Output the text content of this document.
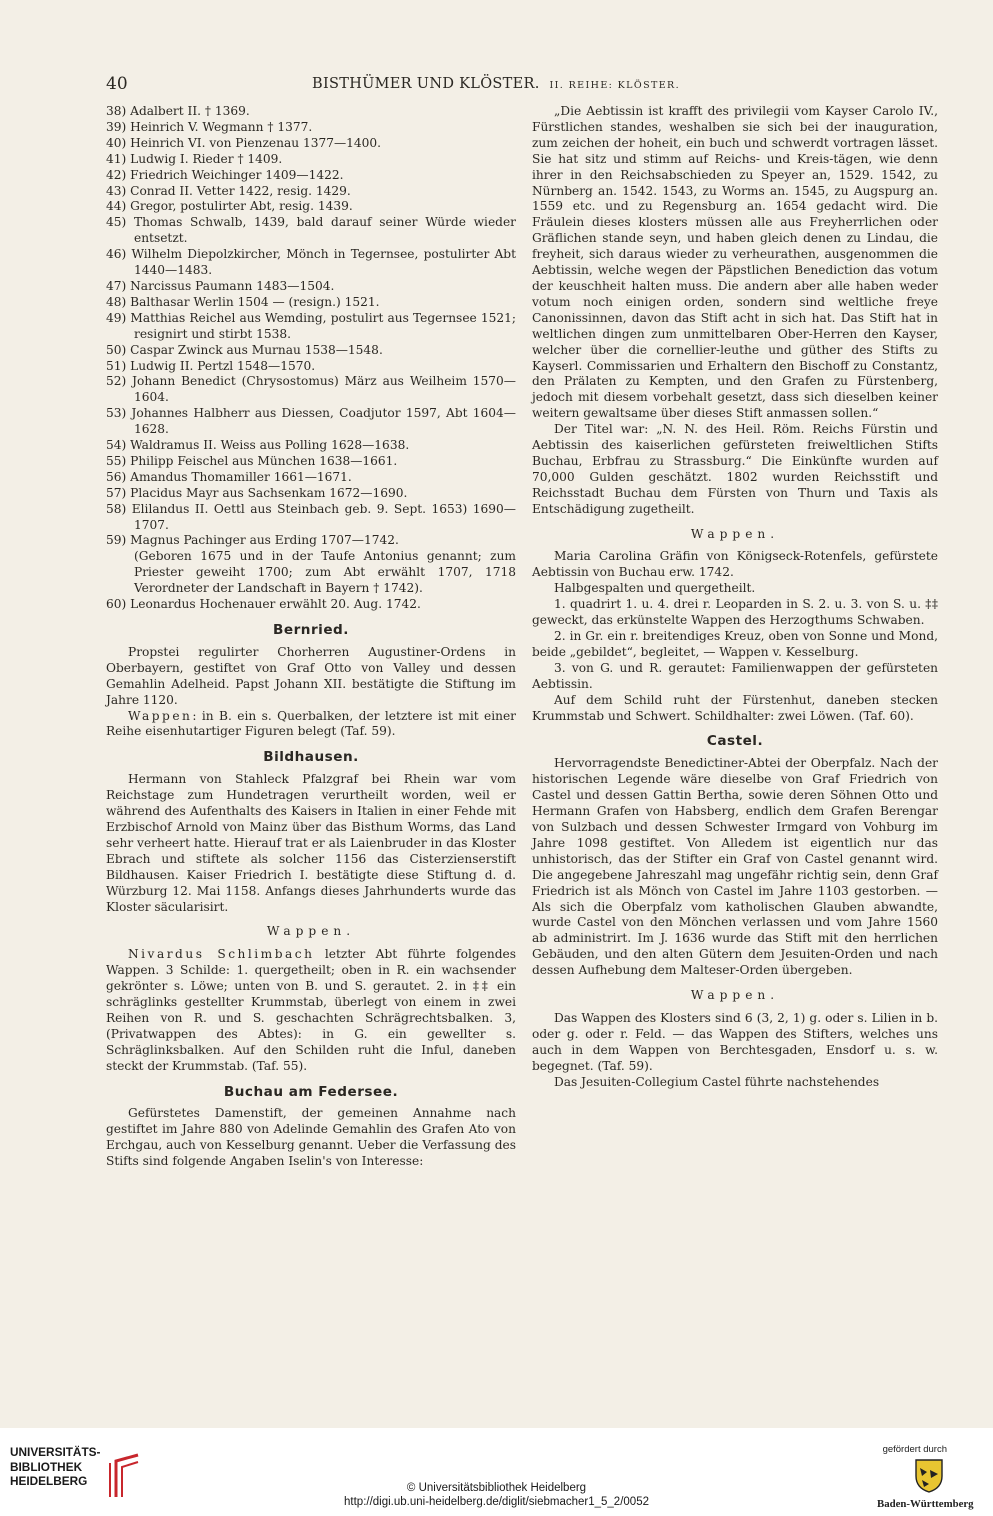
40	BISTHÜMER UND KLÖSTER. II. REIHE: KLÖSTER.

38) Adalbert II. † 1369.

39) Heinrich V. Wegmann † 1377.

40) Heinrich VI. von Pienzenau 1377—1400.

41) Ludwig I. Rieder † 1409.

42) Friedrich Weichinger 1409—1422.

43) Conrad II. Vetter 1422, resig. 1429.

44) Gregor, postulirter Abt, resig. 1439.

45) Thomas Schwalb, 1439, bald darauf seiner Würde wieder entsetzt.

46) Wilhelm Diepolzkircher, Mönch in Tegernsee, postulirter Abt 1440—1483.

47) Narcissus Paumann 1483—1504.

48) Balthasar Werlin 1504 — (resign.) 1521.

49) Matthias Reichel aus Wemding, postulirt aus Tegernsee 1521; resignirt und stirbt 1538.

50) Caspar Zwinck aus Murnau 1538—1548.

51) Ludwig II. Pertzl 1548—1570.

52) Johann Benedict (Chrysostomus) März aus Weilheim 1570—1604.

53) Johannes Halbherr aus Diessen, Coadjutor 1597, Abt 1604—1628.

54) Waldramus II. Weiss aus Polling 1628—1638.

55) Philipp Feischel aus München 1638—1661.

56) Amandus Thomamiller 1661—1671.

57) Placidus Mayr aus Sachsenkam 1672—1690.

58) Elilandus II. Oettl aus Steinbach geb. 9. Sept. 1653) 1690—1707.

59) Magnus Pachinger aus Erding 1707—1742.

(Geboren 1675 und in der Taufe Antonius genannt; zum Priester geweiht 1700; zum Abt erwählt 1707, 1718 Verordneter der Landschaft in Bayern † 1742).

60) Leonardus Hochenauer erwählt 20. Aug. 1742.

Bernried.

Propstei regulirter Chorherren Augustiner-Ordens in Oberbayern, gestiftet von Graf Otto von Valley und dessen Gemahlin Adelheid. Papst Johann XII. bestätigte die Stiftung im Jahre 1120.

Wappen: in B. ein s. Querbalken, der letztere ist mit einer Reihe eisenhutartiger Figuren belegt (Taf. 59).

Bildhausen.

Hermann von Stahleck Pfalzgraf bei Rhein war vom Reichstage zum Hundetragen verurtheilt worden, weil er während des Aufenthalts des Kaisers in Italien in einer Fehde mit Erzbischof Arnold von Mainz über das Bisthum Worms, das Land sehr verheert hatte. Hierauf trat er als Laienbruder in das Kloster Ebrach und stiftete als solcher 1156 das Cisterzienserstift Bildhausen. Kaiser Friedrich I. bestätigte diese Stiftung d. d. Würzburg 12. Mai 1158. Anfangs dieses Jahrhunderts wurde das Kloster säcularisirt.

Wappen.

Nivardus Schlimbach letzter Abt führte folgendes Wappen. 3 Schilde: 1. quergetheilt; oben in R. ein wachsender gekrönter s. Löwe; unten von B. und S. gerautet. 2. in ‡‡ ein schräglinks gestellter Krummstab, überlegt von einem in zwei Reihen von R. und S. geschachten Schrägrechtsbalken. 3, (Privatwappen des Abtes): in G. ein gewellter s. Schräglinksbalken. Auf den Schilden ruht die Inful, daneben steckt der Krummstab. (Taf. 55).

Buchau am Federsee.

Gefürstetes Damenstift, der gemeinen Annahme nach gestiftet im Jahre 880 von Adelinde Gemahlin des Grafen Ato von Erchgau, auch von Kesselburg genannt. Ueber die Verfassung des Stifts sind folgende Angaben Iselin's von Interesse:

„Die Aebtissin ist krafft des privilegii vom Kayser Carolo IV., Fürstlichen standes, weshalben sie sich bei der inauguration, zum zeichen der hoheit, ein buch und schwerdt vortragen lässet. Sie hat sitz und stimm auf Reichs- und Kreis-tägen, wie denn ihrer in den Reichsabschieden zu Speyer an, 1529. 1542, zu Nürnberg an. 1542. 1543, zu Worms an. 1545, zu Augspurg an. 1559 etc. und zu Regensburg an. 1654 gedacht wird. Die Fräulein dieses klosters müssen alle aus Freyherrlichen oder Gräflichen stande seyn, und haben gleich denen zu Lindau, die freyheit, sich daraus wieder zu verheurathen, ausgenommen die Aebtissin, welche wegen der Päpstlichen Benediction das votum der keuschheit halten muss. Die andern aber alle haben weder votum noch einigen orden, sondern sind weltliche freye Canonissinnen, davon das Stift acht in sich hat. Das Stift hat in weltlichen dingen zum unmittelbaren Ober-Herren den Kayser, welcher über die cornellier-leuthe und güther des Stifts zu Kayserl. Commissarien und Erhaltern den Bischoff zu Constantz, den Prälaten zu Kempten, und den Grafen zu Fürstenberg, jedoch mit diesem vorbehalt gesetzt, dass sich dieselben keiner weitern gewaltsame über dieses Stift anmassen sollen.“

Der Titel war: „N. N. des Heil. Röm. Reichs Fürstin und Aebtissin des kaiserlichen gefürsteten freiweltlichen Stifts Buchau, Erbfrau zu Strassburg.“ Die Einkünfte wurden auf 70,000 Gulden geschätzt. 1802 wurden Reichsstift und Reichsstadt Buchau dem Fürsten von Thurn und Taxis als Entschädigung zugetheilt.

Wappen.

Maria Carolina Gräfin von Königseck-Rotenfels, gefürstete Aebtissin von Buchau erw. 1742.

Halbgespalten und quergetheilt.

1. quadrirt 1. u. 4. drei r. Leoparden in S. 2. u. 3. von S. u. ‡‡ geweckt, das erkünstelte Wappen des Herzogthums Schwaben.

2. in Gr. ein r. breitendiges Kreuz, oben von Sonne und Mond, beide „gebildet“, begleitet, — Wappen v. Kesselburg.

3. von G. und R. gerautet: Familienwappen der gefürsteten Aebtissin.

Auf dem Schild ruht der Fürstenhut, daneben stecken Krummstab und Schwert. Schildhalter: zwei Löwen. (Taf. 60).

Castel.

Hervorragendste Benedictiner-Abtei der Oberpfalz. Nach der historischen Legende wäre dieselbe von Graf Friedrich von Castel und dessen Gattin Bertha, sowie deren Söhnen Otto und Hermann Grafen von Habsberg, endlich dem Grafen Berengar von Sulzbach und dessen Schwester Irmgard von Vohburg im Jahre 1098 gestiftet. Von Alledem ist eigentlich nur das unhistorisch, das der Stifter ein Graf von Castel genannt wird. Die angegebene Jahreszahl mag ungefähr richtig sein, denn Graf Friedrich ist als Mönch von Castel im Jahre 1103 gestorben. — Als sich die Oberpfalz vom katholischen Glauben abwandte, wurde Castel von den Mönchen verlassen und vom Jahre 1560 ab administrirt. Im J. 1636 wurde das Stift mit den herrlichen Gebäuden, und den alten Gütern dem Jesuiten-Orden und nach dessen Aufhebung dem Malteser-Orden übergeben.

Wappen.

Das Wappen des Klosters sind 6 (3, 2, 1) g. oder s. Lilien in b. oder g. oder r. Feld. — das Wappen des Stifters, welches uns auch in dem Wappen von Berchtesgaden, Ensdorf u. s. w. begegnet. (Taf. 59).

Das Jesuiten-Collegium Castel führte nachstehendes

UNIVERSITÄTS-
BIBLIOTHEK
HEIDELBERG	© Universitätsbibliothek Heidelberg
http://digi.ub.uni-heidelberg.de/diglit/siebmacher1_5_2/0052
gefördert durch
Baden-Württemberg
